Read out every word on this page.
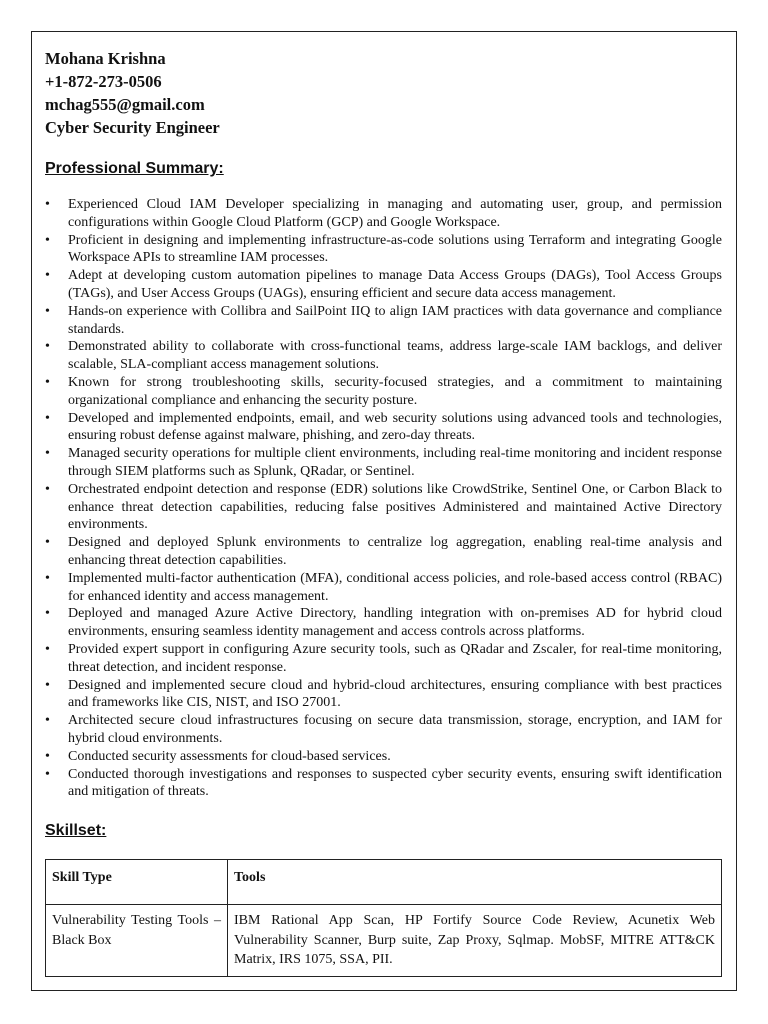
Mohana Krishna
+1-872-273-0506
mchag555@gmail.com
Cyber Security Engineer
Professional Summary:
• Experienced Cloud IAM Developer specializing in managing and automating user, group, and permission configurations within Google Cloud Platform (GCP) and Google Workspace.
• Proficient in designing and implementing infrastructure-as-code solutions using Terraform and integrating Google Workspace APIs to streamline IAM processes.
• Adept at developing custom automation pipelines to manage Data Access Groups (DAGs), Tool Access Groups (TAGs), and User Access Groups (UAGs), ensuring efficient and secure data access management.
• Hands-on experience with Collibra and SailPoint IIQ to align IAM practices with data governance and compliance standards.
• Demonstrated ability to collaborate with cross-functional teams, address large-scale IAM backlogs, and deliver scalable, SLA-compliant access management solutions.
• Known for strong troubleshooting skills, security-focused strategies, and a commitment to maintaining organizational compliance and enhancing the security posture.
• Developed and implemented endpoints, email, and web security solutions using advanced tools and technologies, ensuring robust defense against malware, phishing, and zero-day threats.
• Managed security operations for multiple client environments, including real-time monitoring and incident response through SIEM platforms such as Splunk, QRadar, or Sentinel.
• Orchestrated endpoint detection and response (EDR) solutions like CrowdStrike, Sentinel One, or Carbon Black to enhance threat detection capabilities, reducing false positives Administered and maintained Active Directory environments.
• Designed and deployed Splunk environments to centralize log aggregation, enabling real-time analysis and enhancing threat detection capabilities.
• Implemented multi-factor authentication (MFA), conditional access policies, and role-based access control (RBAC) for enhanced identity and access management.
• Deployed and managed Azure Active Directory, handling integration with on-premises AD for hybrid cloud environments, ensuring seamless identity management and access controls across platforms.
• Provided expert support in configuring Azure security tools, such as QRadar and Zscaler, for real-time monitoring, threat detection, and incident response.
• Designed and implemented secure cloud and hybrid-cloud architectures, ensuring compliance with best practices and frameworks like CIS, NIST, and ISO 27001.
• Architected secure cloud infrastructures focusing on secure data transmission, storage, encryption, and IAM for hybrid cloud environments.
• Conducted security assessments for cloud-based services.
• Conducted thorough investigations and responses to suspected cyber security events, ensuring swift identification and mitigation of threats.
Skillset:
Skill Type	Tools
Vulnerability Testing Tools – Black Box	IBM Rational App Scan, HP Fortify Source Code Review, Acunetix Web Vulnerability Scanner, Burp suite, Zap Proxy, Sqlmap. MobSF, MITRE ATT&CK Matrix, IRS 1075, SSA, PII.
